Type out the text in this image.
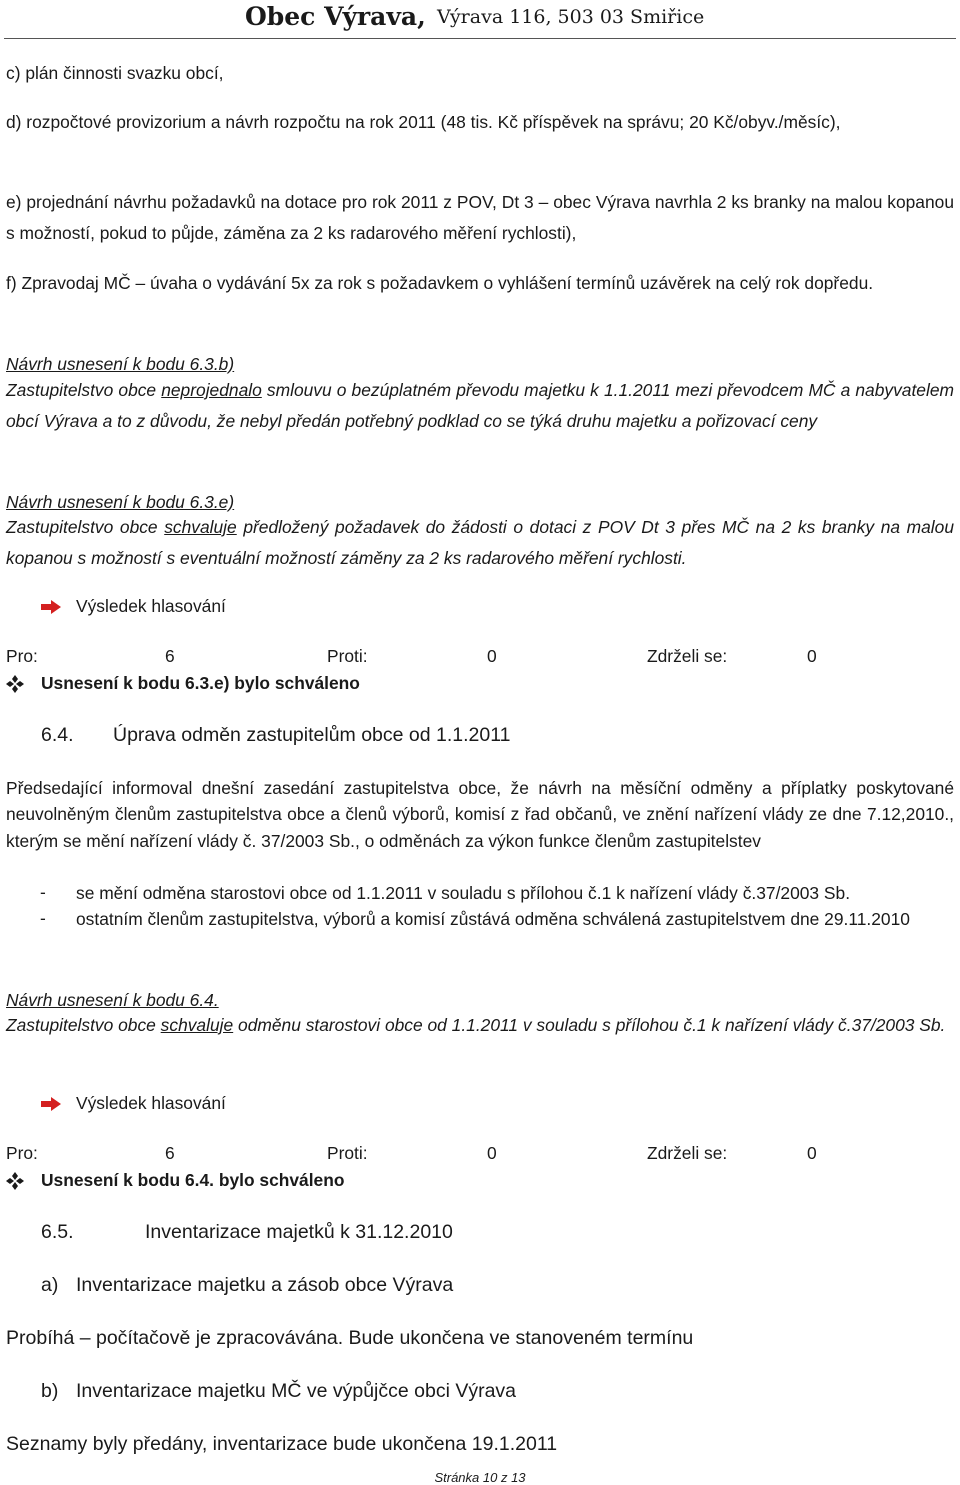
Obec Výrava, Výrava 116, 503 03 Smiřice
c) plán činnosti svazku obcí,
d) rozpočtové provizorium a návrh rozpočtu na rok 2011 (48 tis. Kč příspěvek na správu; 20 Kč/obyv./měsíc),
e) projednání návrhu požadavků na dotace pro rok 2011 z POV, Dt 3 – obec Výrava navrhla 2 ks branky na malou kopanou s možností, pokud to půjde, záměna za 2 ks radarového měření rychlosti),
f) Zpravodaj MČ – úvaha o vydávání 5x za rok s požadavkem o vyhlášení termínů uzávěrek na celý rok dopředu.
Návrh usnesení k bodu 6.3.b)
Zastupitelstvo obce neprojednalo smlouvu o bezúplatném převodu majetku k 1.1.2011 mezi převodcem MČ a nabyvatelem obcí Výrava a to z důvodu, že nebyl předán potřebný podklad co se týká druhu majetku a pořizovací ceny
Návrh usnesení k bodu 6.3.e)
Zastupitelstvo obce schvaluje předložený požadavek do žádosti o dotaci z POV Dt 3 přes MČ na 2 ks branky na malou kopanou s možností s eventuální možností záměny za 2 ks radarového měření rychlosti.
Výsledek hlasování
Pro:	6	Proti:	0	Zdrželi se:	0
Usnesení k bodu 6.3.e) bylo schváleno
6.4. Úprava odměn zastupitelům obce od 1.1.2011
Předsedající informoval dnešní zasedání zastupitelstva obce, že návrh na měsíční odměny a příplatky poskytované neuvolněným členům zastupitelstva obce a členů výborů, komisí z řad občanů, ve znění nařízení vlády ze dne 7.12,2010., kterým se mění nařízení vlády č. 37/2003 Sb., o odměnách za výkon funkce členům zastupitelstev
- se mění odměna starostovi obce od 1.1.2011 v souladu s přílohou č.1 k nařízení vlády č.37/2003 Sb.
- ostatním členům zastupitelstva, výborů a komisí zůstává odměna schválená zastupitelstvem dne 29.11.2010
Návrh usnesení k bodu 6.4.
Zastupitelstvo obce schvaluje odměnu starostovi obce od 1.1.2011 v souladu s přílohou č.1 k nařízení vlády č.37/2003 Sb.
Výsledek hlasování
Pro:	6	Proti:	0	Zdrželi se:	0
Usnesení k bodu 6.4. bylo schváleno
6.5.	Inventarizace majetků k 31.12.2010
a) Inventarizace majetku a zásob obce Výrava
Probíhá – počítačově je zpracovávána. Bude ukončena ve stanoveném termínu
b) Inventarizace majetku MČ ve výpůjčce obci Výrava
Seznamy byly předány, inventarizace bude ukončena 19.1.2011
Stránka 10 z 13
